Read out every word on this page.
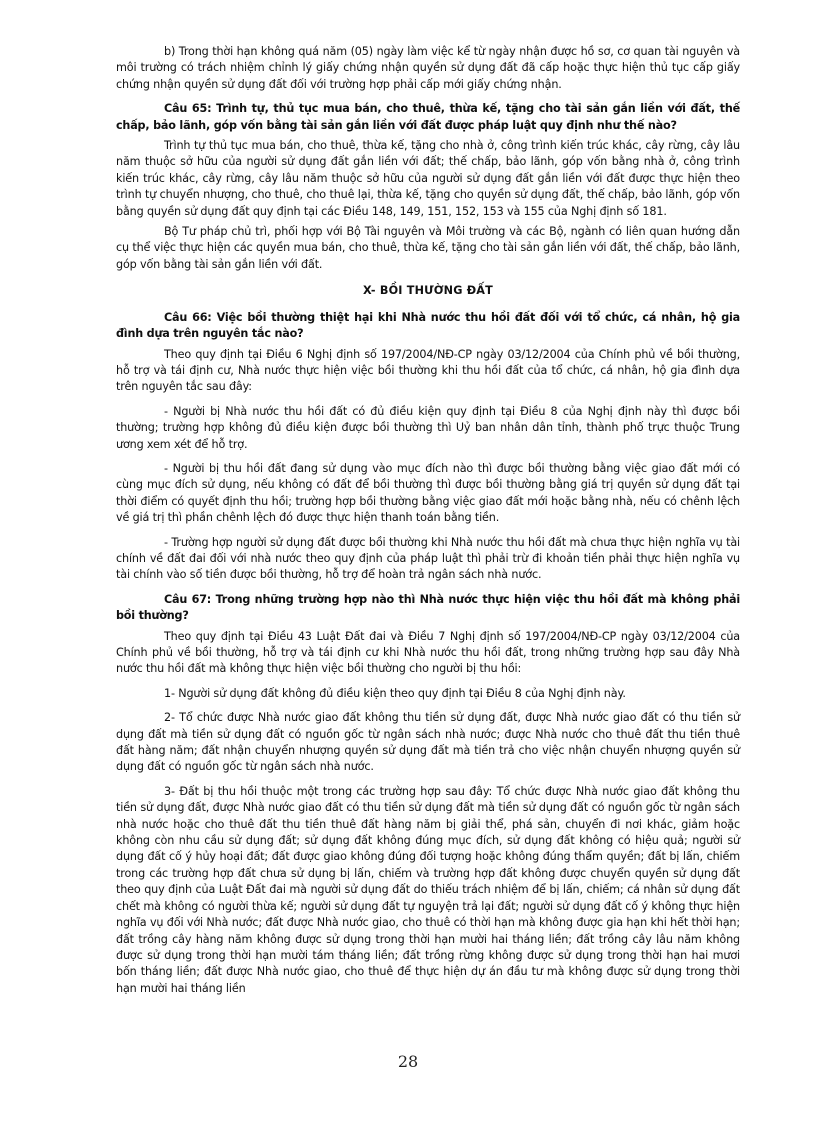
b) Trong thời hạn không quá năm (05) ngày làm việc kể từ ngày nhận được hồ sơ, cơ quan tài nguyên và môi trường có trách nhiệm chỉnh lý giấy chứng nhận quyền sử dụng đất đã cấp hoặc thực hiện thủ tục cấp giấy chứng nhận quyền sử dụng đất đối với trường hợp phải cấp mới giấy chứng nhận.

Câu 65: Trình tự, thủ tục mua bán, cho thuê, thừa kế, tặng cho tài sản gắn liền với đất, thế chấp, bảo lãnh, góp vốn bằng tài sản gắn liền với đất được pháp luật quy định như thế nào?

Trình tự thủ tục mua bán, cho thuê, thừa kế, tặng cho nhà ở, công trình kiến trúc khác, cây rừng, cây lâu năm thuộc sở hữu của người sử dụng đất gắn liền với đất; thế chấp, bảo lãnh, góp vốn bằng nhà ở, công trình kiến trúc khác, cây rừng, cây lâu năm thuộc sở hữu của người sử dụng đất gắn liền với đất được thực hiện theo trình tự chuyển nhượng, cho thuê, cho thuê lại, thừa kế, tặng cho quyền sử dụng đất, thế chấp, bảo lãnh, góp vốn bằng quyền sử dụng đất quy định tại các Điều 148, 149, 151, 152, 153 và 155 của Nghị định số 181.

Bộ Tư pháp chủ trì, phối hợp với Bộ Tài nguyên và Môi trường và các Bộ, ngành có liên quan hướng dẫn cụ thể việc thực hiện các quyền mua bán, cho thuê, thừa kế, tặng cho tài sản gắn liền với đất, thế chấp, bảo lãnh, góp vốn bằng tài sản gắn liền với đất.

X- BỒI THƯỜNG ĐẤT

Câu 66: Việc bồi thường thiệt hại khi Nhà nước thu hồi đất đối với tổ chức, cá nhân, hộ gia đình dựa trên nguyên tắc nào?

Theo quy định tại Điều 6 Nghị định số 197/2004/NĐ-CP ngày 03/12/2004 của Chính phủ về bồi thường, hỗ trợ và tái định cư, Nhà nước thực hiện việc bồi thường khi thu hồi đất của tổ chức, cá nhân, hộ gia đình dựa trên nguyên tắc sau đây:

- Người bị Nhà nước thu hồi đất có đủ điều kiện quy định tại Điều 8 của Nghị định này thì được bồi thường; trường hợp không đủ điều kiện được bồi thường thì Uỷ ban nhân dân tỉnh, thành phố trực thuộc Trung ương xem xét để hỗ trợ.

- Người bị thu hồi đất đang sử dụng vào mục đích nào thì được bồi thường bằng việc giao đất mới có cùng mục đích sử dụng, nếu không có đất để bồi thường thì được bồi thường bằng giá trị quyền sử dụng đất tại thời điểm có quyết định thu hồi; trường hợp bồi thường bằng việc giao đất mới hoặc bằng nhà, nếu có chênh lệch về giá trị thì phần chênh lệch đó được thực hiện thanh toán bằng tiền.

- Trường hợp người sử dụng đất được bồi thường khi Nhà nước thu hồi đất mà chưa thực hiện nghĩa vụ tài chính về đất đai đối với nhà nước theo quy định của pháp luật thì phải trừ đi khoản tiền phải thực hiện nghĩa vụ tài chính vào số tiền được bồi thường, hỗ trợ để hoàn trả ngân sách nhà nước.

Câu 67: Trong những trường hợp nào thì Nhà nước thực hiện việc thu hồi đất mà không phải bồi thường?

Theo quy định tại Điều 43 Luật Đất đai và Điều 7 Nghị định số 197/2004/NĐ-CP ngày 03/12/2004 của Chính phủ về bồi thường, hỗ trợ và tái định cư khi Nhà nước thu hồi đất, trong những trường hợp sau đây Nhà nước thu hồi đất mà không thực hiện việc bồi thường cho người bị thu hồi:

1- Người sử dụng đất không đủ điều kiện theo quy định tại Điều 8 của Nghị định này.

2- Tổ chức được Nhà nước giao đất không thu tiền sử dụng đất, được Nhà nước giao đất có thu tiền sử dụng đất mà tiền sử dụng đất có nguồn gốc từ ngân sách nhà nước; được Nhà nước cho thuê đất thu tiền thuê đất hàng năm; đất nhận chuyển nhượng quyền sử dụng đất mà tiền trả cho việc nhận chuyển nhượng quyền sử dụng đất có nguồn gốc từ ngân sách nhà nước.

3- Đất bị thu hồi thuộc một trong các trường hợp sau đây: Tổ chức được Nhà nước giao đất không thu tiền sử dụng đất, được Nhà nước giao đất có thu tiền sử dụng đất mà tiền sử dụng đất có nguồn gốc từ ngân sách nhà nước hoặc cho thuê đất thu tiền thuê đất hàng năm bị giải thể, phá sản, chuyển đi nơi khác, giảm hoặc không còn nhu cầu sử dụng đất; sử dụng đất không đúng mục đích, sử dụng đất không có hiệu quả; người sử dụng đất cố ý hủy hoại đất; đất được giao không đúng đối tượng hoặc không đúng thẩm quyền; đất bị lấn, chiếm trong các trường hợp đất chưa sử dụng bị lấn, chiếm và trường hợp đất không được chuyển quyền sử dụng đất theo quy định của Luật Đất đai mà người sử dụng đất do thiếu trách nhiệm để bị lấn, chiếm; cá nhân sử dụng đất chết mà không có người thừa kế; người sử dụng đất tự nguyện trả lại đất; người sử dụng đất cố ý không thực hiện nghĩa vụ đối với Nhà nước; đất được Nhà nước giao, cho thuê có thời hạn mà không được gia hạn khi hết thời hạn; đất trồng cây hàng năm không được sử dụng trong thời hạn mười hai tháng liền; đất trồng cây lâu năm không được sử dụng trong thời hạn mười tám tháng liền; đất trồng rừng không được sử dụng trong thời hạn hai mươi bốn tháng liền; đất được Nhà nước giao, cho thuê để thực hiện dự án đầu tư mà không được sử dụng trong thời hạn mười hai tháng liền

28
